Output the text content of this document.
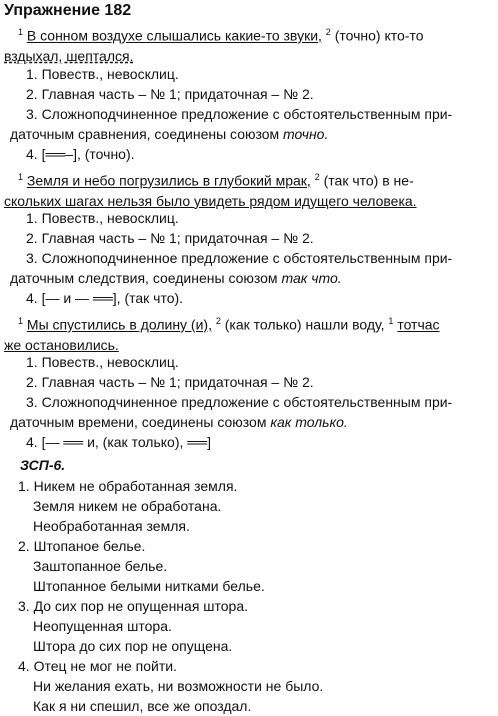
Упражнение 182
$^1$ В сонном воздухе слышались какие-то звуки, $^2$ (точно) кто-то
вздыхал, шептался.
1. Повеств., невосклиц.
2. Главная часть – № 1; придаточная – № 2.
3. Сложноподчиненное предложение с обстоятельственным при-
даточным сравнения, соединены союзом точно.
4. [══–], (точно).
$^1$ Земля и небо погрузились в глубокий мрак, $^2$ (так что) в не-
скольких шагах нельзя было увидеть рядом идущего человека.
1. Повеств., невосклиц.
2. Главная часть – № 1; придаточная – № 2.
3. Сложноподчиненное предложение с обстоятельственным при-
даточным следствия, соединены союзом так что.
4. [— и — ══], (так что).
$^1$ Мы спустились в долину (и), $^2$ (как только) нашли воду, $^1$ тотчас
же остановились.
1. Повеств., невосклиц.
2. Главная часть – № 1; придаточная – № 2.
3. Сложноподчиненное предложение с обстоятельственным при-
даточным времени, соединены союзом как только.
4. [— ══ и, (как только), ══]
ЗСП-6.
1. Никем не обработанная земля.
Земля никем не обработана.
Необработанная земля.
2. Штопаное белье.
Заштопанное белье.
Штопанное белыми нитками белье.
3. До сих пор не опущенная штора.
Неопущенная штора.
Штора до сих пор не опущена.
4. Отец не мог не пойти.
Ни желания ехать, ни возможности не было.
Как я ни спешил, все же опоздал.
